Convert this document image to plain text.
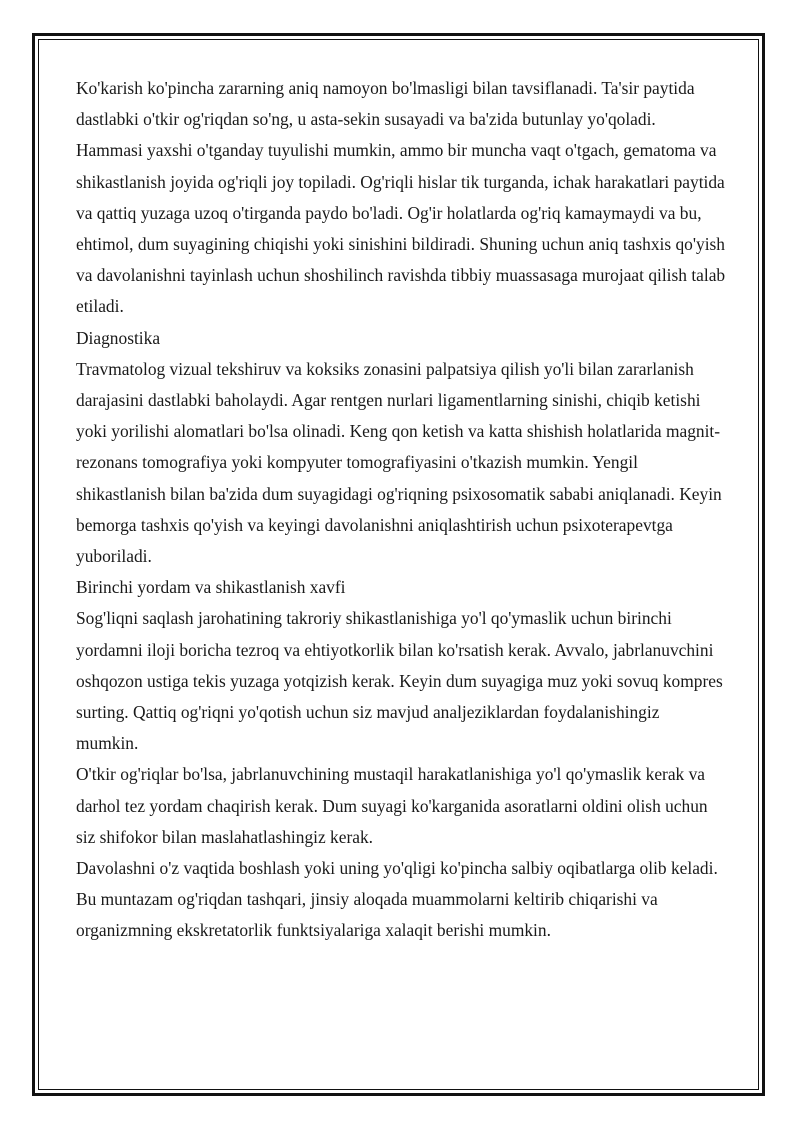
Ko'karish ko'pincha zararning aniq namoyon bo'lmasligi bilan tavsiflanadi. Ta'sir paytida dastlabki o'tkir og'riqdan so'ng, u asta-sekin susayadi va ba'zida butunlay yo'qoladi. Hammasi yaxshi o'tganday tuyulishi mumkin, ammo bir muncha vaqt o'tgach, gematoma va shikastlanish joyida og'riqli joy topiladi. Og'riqli hislar tik turganda, ichak harakatlari paytida va qattiq yuzaga uzoq o'tirganda paydo bo'ladi. Og'ir holatlarda og'riq kamaymaydi va bu, ehtimol, dum suyagining chiqishi yoki sinishini bildiradi. Shuning uchun aniq tashxis qo'yish va davolanishni tayinlash uchun shoshilinch ravishda tibbiy muassasaga murojaat qilish talab etiladi.

Diagnostika

Travmatolog vizual tekshiruv va koksiks zonasini palpatsiya qilish yo'li bilan zararlanish darajasini dastlabki baholaydi. Agar rentgen nurlari ligamentlarning sinishi, chiqib ketishi yoki yorilishi alomatlari bo'lsa olinadi. Keng qon ketish va katta shishish holatlarida magnit-rezonans tomografiya yoki kompyuter tomografiyasini o'tkazish mumkin. Yengil shikastlanish bilan ba'zida dum suyagidagi og'riqning psixosomatik sababi aniqlanadi. Keyin bemorga tashxis qo'yish va keyingi davolanishni aniqlashtirish uchun psixoterapevtga yuboriladi.

Birinchi yordam va shikastlanish xavfi

Sog'liqni saqlash jarohatining takroriy shikastlanishiga yo'l qo'ymaslik uchun birinchi yordamni iloji boricha tezroq va ehtiyotkorlik bilan ko'rsatish kerak. Avvalo, jabrlanuvchini oshqozon ustiga tekis yuzaga yotqizish kerak. Keyin dum suyagiga muz yoki sovuq kompres surting. Qattiq og'riqni yo'qotish uchun siz mavjud analjeziklardan foydalanishingiz mumkin.

O'tkir og'riqlar bo'lsa, jabrlanuvchining mustaqil harakatlanishiga yo'l qo'ymaslik kerak va darhol tez yordam chaqirish kerak. Dum suyagi ko'karganida asoratlarni oldini olish uchun siz shifokor bilan maslahatlashingiz kerak.

Davolashni o'z vaqtida boshlash yoki uning yo'qligi ko'pincha salbiy oqibatlarga olib keladi. Bu muntazam og'riqdan tashqari, jinsiy aloqada muammolarni keltirib chiqarishi va organizmning ekskretatorlik funktsiyalariga xalaqit berishi mumkin.
